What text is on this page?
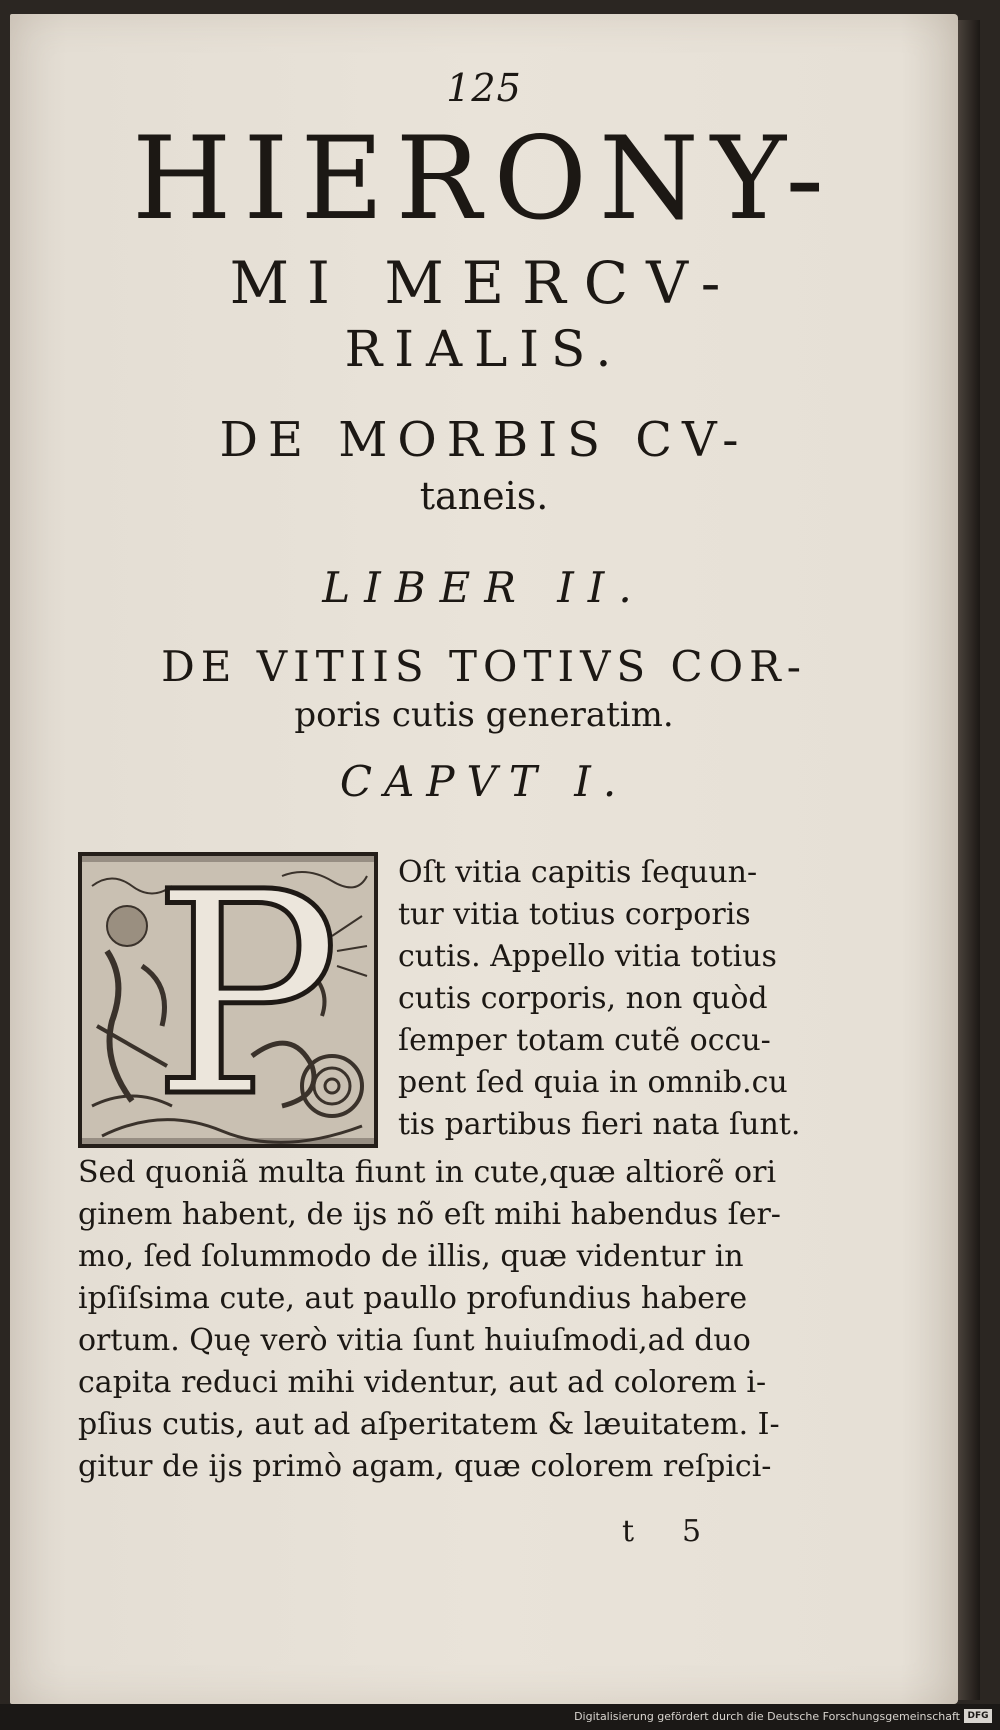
125
HIERONY-
MI MERCV-
RIALIS.
DE MORBIS CV-
taneis.
LIBER II.
DE VITIIS TOTIVS COR-
poris cutis generatim.
CAPVT I.
P Oſt vitia capitis ſequun-
tur vitia totius corporis
cutis. Appello vitia totius
cutis corporis, non quòd
ſemper totam cutẽ occu-
pent ſed quia in omnib.cu
tis partibus fieri nata ſunt.
Sed quoniã multa fiunt in cute,quæ altiorẽ ori
ginem habent, de ijs nõ eſt mihi habendus ſer-
mo, ſed ſolummodo de illis, quæ videntur in
ipſiſsima cute, aut paullo profundius habere
ortum. Quę verò vitia ſunt huiuſmodi,ad duo
capita reduci mihi videntur, aut ad colorem i-
pſius cutis, aut ad aſperitatem & læuitatem. I-
gitur de ijs primò agam, quæ colorem reſpici-
t 5
Digitalisierung gefördert durch die Deutsche Forschungsgemeinschaft DFG
